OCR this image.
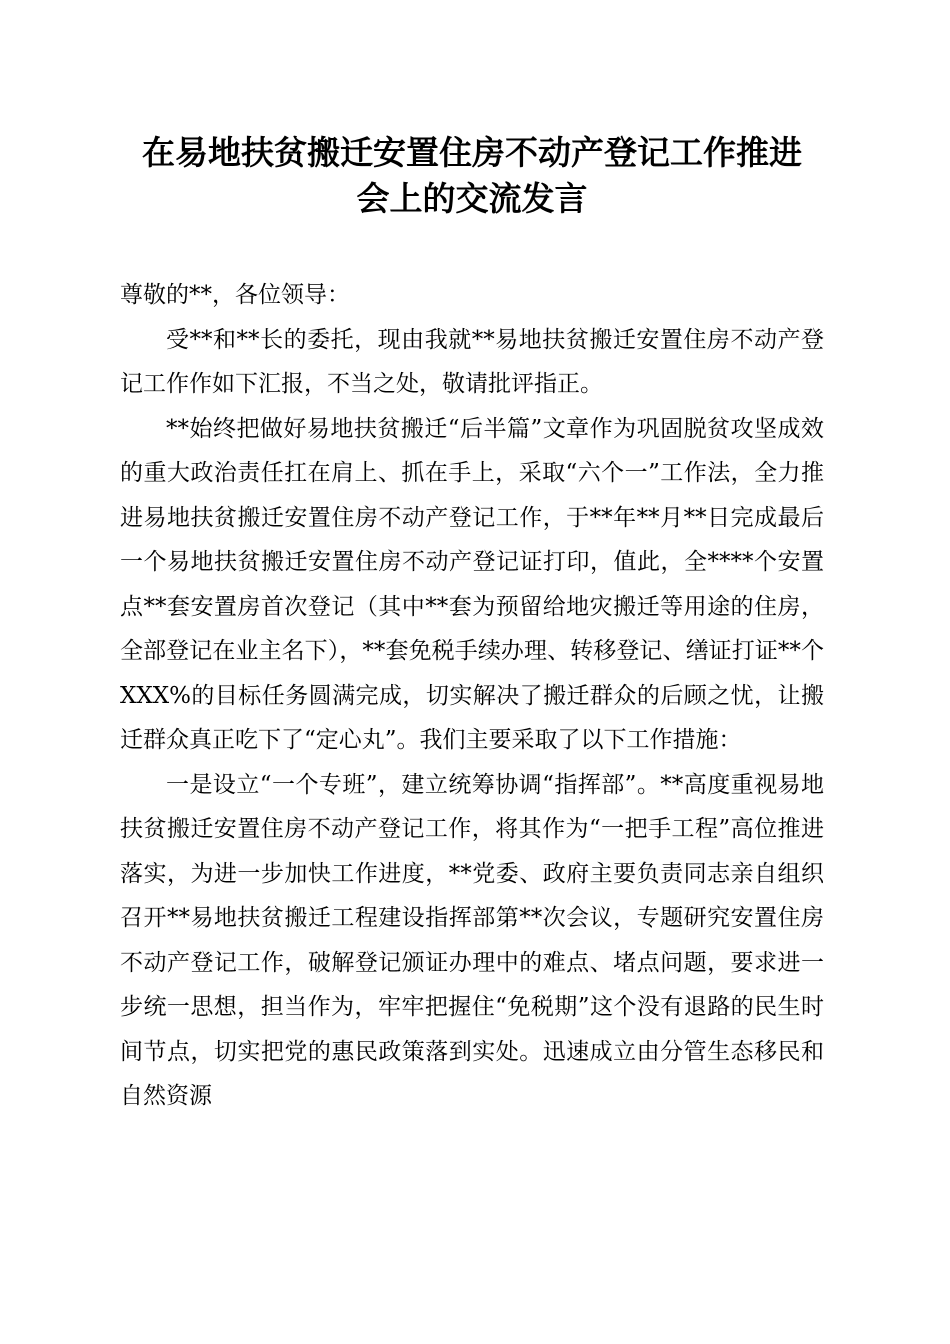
在易地扶贫搬迁安置住房不动产登记工作推进
会上的交流发言

尊敬的**，各位领导：

受**和**长的委托，现由我就**易地扶贫搬迁安置住房不动产登记工作作如下汇报，不当之处，敬请批评指正。

**始终把做好易地扶贫搬迁“后半篇”文章作为巩固脱贫攻坚成效的重大政治责任扛在肩上、抓在手上，采取“六个一”工作法，全力推进易地扶贫搬迁安置住房不动产登记工作，于**年**月**日完成最后一个易地扶贫搬迁安置住房不动产登记证打印，值此，全****个安置点**套安置房首次登记（其中**套为预留给地灾搬迁等用途的住房，全部登记在业主名下），**套免税手续办理、转移登记、缮证打证**个XXX%的目标任务圆满完成，切实解决了搬迁群众的后顾之忧，让搬迁群众真正吃下了“定心丸”。我们主要采取了以下工作措施：

一是设立“一个专班”，建立统筹协调“指挥部”。**高度重视易地扶贫搬迁安置住房不动产登记工作，将其作为“一把手工程”高位推进落实，为进一步加快工作进度，**党委、政府主要负责同志亲自组织召开**易地扶贫搬迁工程建设指挥部第**次会议，专题研究安置住房不动产登记工作，破解登记颁证办理中的难点、堵点问题，要求进一步统一思想，担当作为，牢牢把握住“免税期”这个没有退路的民生时间节点，切实把党的惠民政策落到实处。迅速成立由分管生态移民和自然资源
